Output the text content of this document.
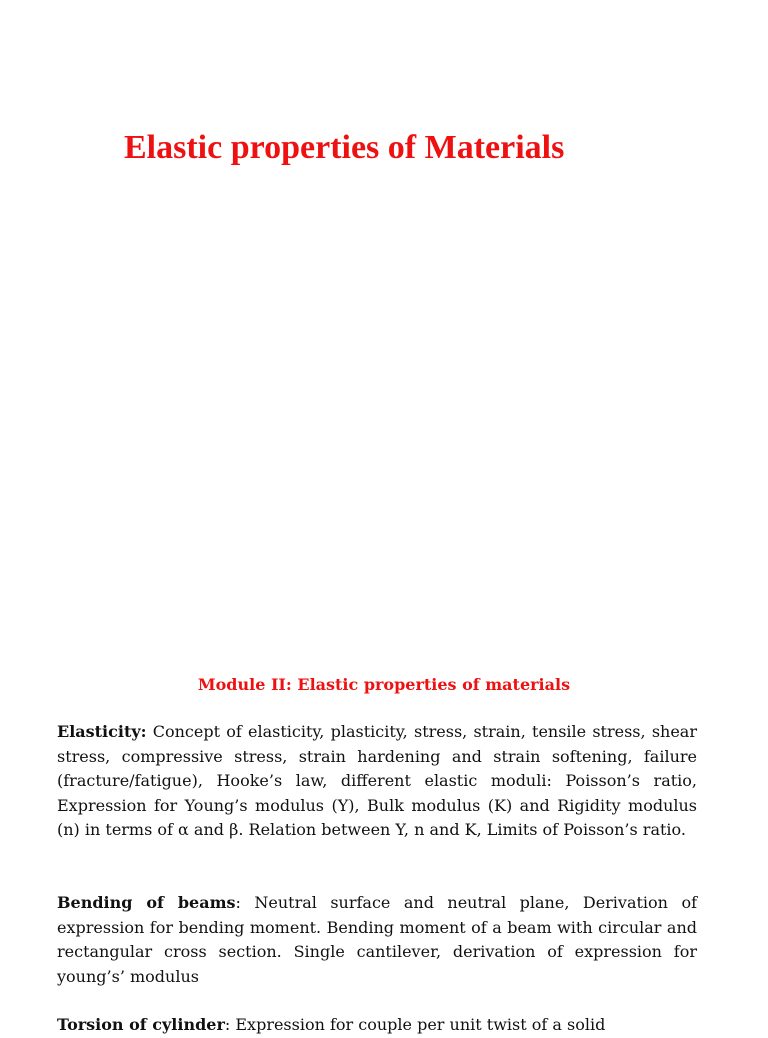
Elastic properties of Materials
Module II: Elastic properties of materials

Elasticity: Concept of elasticity, plasticity, stress, strain, tensile stress, shear stress, compressive stress, strain hardening and strain softening, failure (fracture/fatigue), Hooke’s law, different elastic moduli: Poisson’s ratio, Expression for Young’s modulus (Y), Bulk modulus (K) and Rigidity modulus (n) in terms of α and β. Relation between Y, n and K, Limits of Poisson’s ratio.

Bending of beams: Neutral surface and neutral plane, Derivation of expression for bending moment. Bending moment of a beam with circular and rectangular cross section. Single cantilever, derivation of expression for young’s’ modulus

Torsion of cylinder: Expression for couple per unit twist of a solid
